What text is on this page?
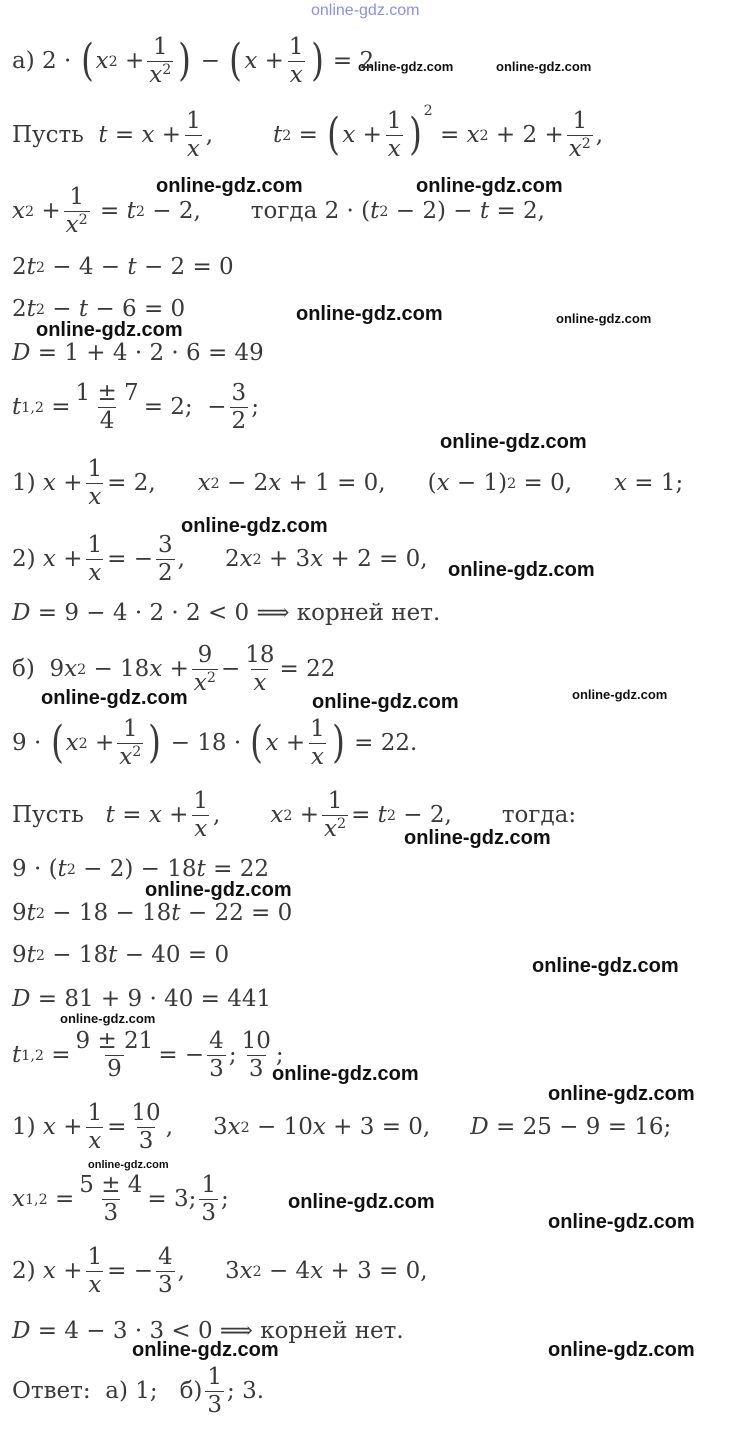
online-gdz.com
online-gdz.com	online-gdz.com
online-gdz.com	online-gdz.com
online-gdz.com	online-gdz.com
online-gdz.com
online-gdz.com
online-gdz.com
online-gdz.com
online-gdz.com	online-gdz.com	online-gdz.com
online-gdz.com
online-gdz.com
online-gdz.com
online-gdz.com
online-gdz.com
online-gdz.com
online-gdz.com
online-gdz.com
online-gdz.com
online-gdz.com	online-gdz.com
а) 2 · ( x $2 + \frac{1}{x^2}$ ) − ( $x + \frac{1}{x}$ ) = 2
Пусть
$t = x + \frac{1}{x}$ ,	t 2 = ( $x + \frac{1}{x}$ ) 2
= x $2 + 2 + \frac{1}{x^2}$ ,
x $2 + \frac{1}{x^2} = t$ 2 − 2, тогда 2 · ( t 2 − 2) − t = 2,
2 t 2 − 4 − t − 2 = 0
2 t 2 − t − 6 = 0
D = 1 + 4 · 2 · 6 = 49
t $1,2 = \frac{1 \pm 7}{4} = 2$;  − $\frac{3}{2}$ ;
1) $x + \frac{1}{x} = 2$, x 2 − 2 x + 1 = 0,
( x − 1) 2 = 0, x = 1;
2) $x + \frac{1}{x}$ = − $\frac{3}{2}$ ,
2 x 2 + 3 x + 2 = 0,
D = 9 − 4 · 2 · 2 < 0 ⟹ корней нет.
б) 9 x 2 − 18 $x + \frac{9}{x^2} - \frac{18}{x} = 22$
9 · ( x $2 + \frac{1}{x^2}$ ) − 18 · ( $x + \frac{1}{x}$ ) = 22.
Пусть
$t = x + \frac{1}{x}$ , x $2 + \frac{1}{x^2} = t$ 2 − 2, тогда:
9 · ( t 2 − 2) − 18 t = 22
9 t 2 − 18 − 18 t − 22 = 0
9 t 2 − 18 t − 40 = 0
D = 81 + 9 · 40 = 441
t $1,2 = \frac{9 \pm 21}{9}$ = − $\frac{4}{3}$ ; $\frac{10}{3}$ ;
1) $x + \frac{1}{x} = \frac{10}{3}$ ,
3 x 2 − 10 x + 3 = 0, D = 25 − 9 = 16;
x $1,2 = \frac{5 \pm 4}{3} = 3$; $\frac{1}{3}$ ;
2) $x + \frac{1}{x}$ = − $\frac{4}{3}$ ,
3 x 2 − 4 x + 3 = 0,
D = 4 − 3 · 3 < 0 ⟹ корней нет.
Ответ:
а) 1;
$б) \frac{1}{3}$ ; 3.
